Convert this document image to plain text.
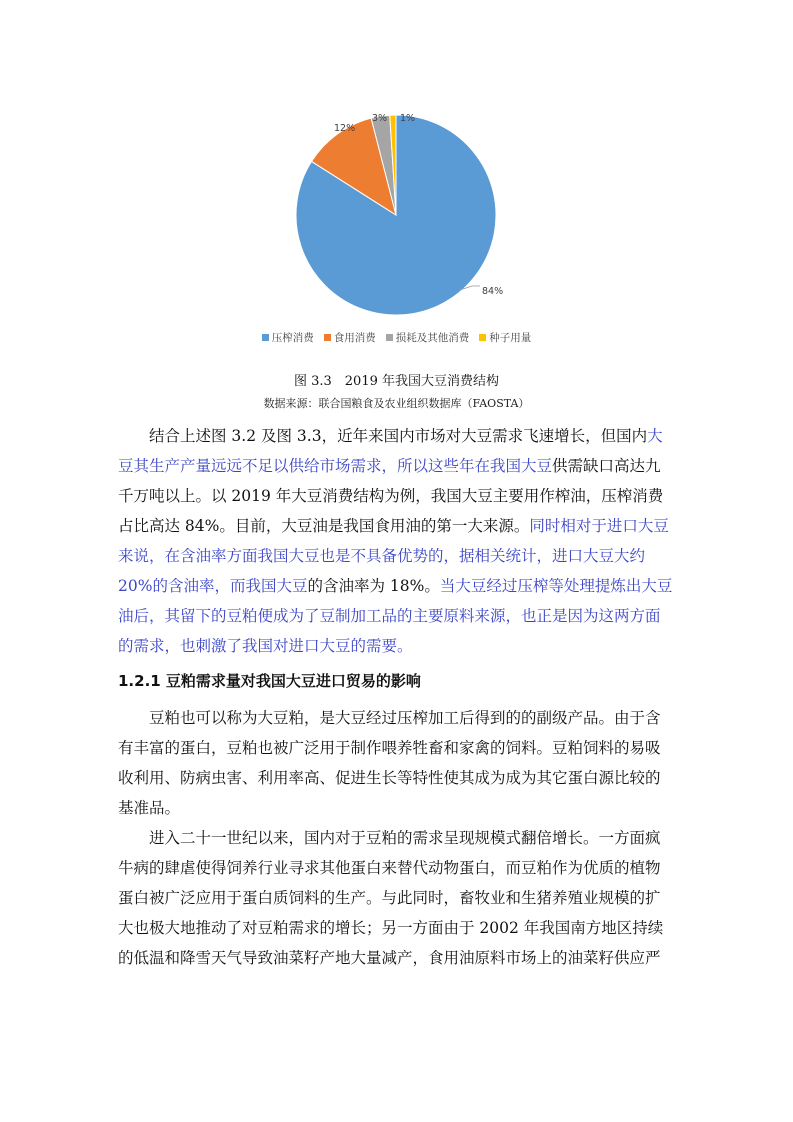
84%
12%
3% 1%
压榨消费 食用消费 损耗及其他消费 种子用量
图 3.3　2019 年我国大豆消费结构
数据来源：联合国粮食及农业组织数据库（FAOSTA）

结合上述图 3.2 及图 3.3，近年来国内市场对大豆需求飞速增长，但国内大
豆其生产产量远远不足以供给市场需求，所以这些年在我国大豆供需缺口高达九
千万吨以上。以 2019 年大豆消费结构为例，我国大豆主要用作榨油，压榨消费
占比高达 84%。目前，大豆油是我国食用油的第一大来源。同时相对于进口大豆
来说，在含油率方面我国大豆也是不具备优势的，据相关统计，进口大豆大约
20%的含油率，而我国大豆的含油率为 18%。当大豆经过压榨等处理提炼出大豆
油后，其留下的豆粕便成为了豆制加工品的主要原料来源，也正是因为这两方面
的需求，也刺激了我国对进口大豆的需要。

1.2.1 豆粕需求量对我国大豆进口贸易的影响

豆粕也可以称为大豆粕，是大豆经过压榨加工后得到的的副级产品。由于含
有丰富的蛋白，豆粕也被广泛用于制作喂养牲畜和家禽的饲料。豆粕饲料的易吸
收利用、防病虫害、利用率高、促进生长等特性使其成为成为其它蛋白源比较的
基准品。

进入二十一世纪以来，国内对于豆粕的需求呈现规模式翻倍增长。一方面疯
牛病的肆虐使得饲养行业寻求其他蛋白来替代动物蛋白，而豆粕作为优质的植物
蛋白被广泛应用于蛋白质饲料的生产。与此同时，畜牧业和生猪养殖业规模的扩
大也极大地推动了对豆粕需求的增长；另一方面由于 2002 年我国南方地区持续
的低温和降雪天气导致油菜籽产地大量减产，食用油原料市场上的油菜籽供应严
